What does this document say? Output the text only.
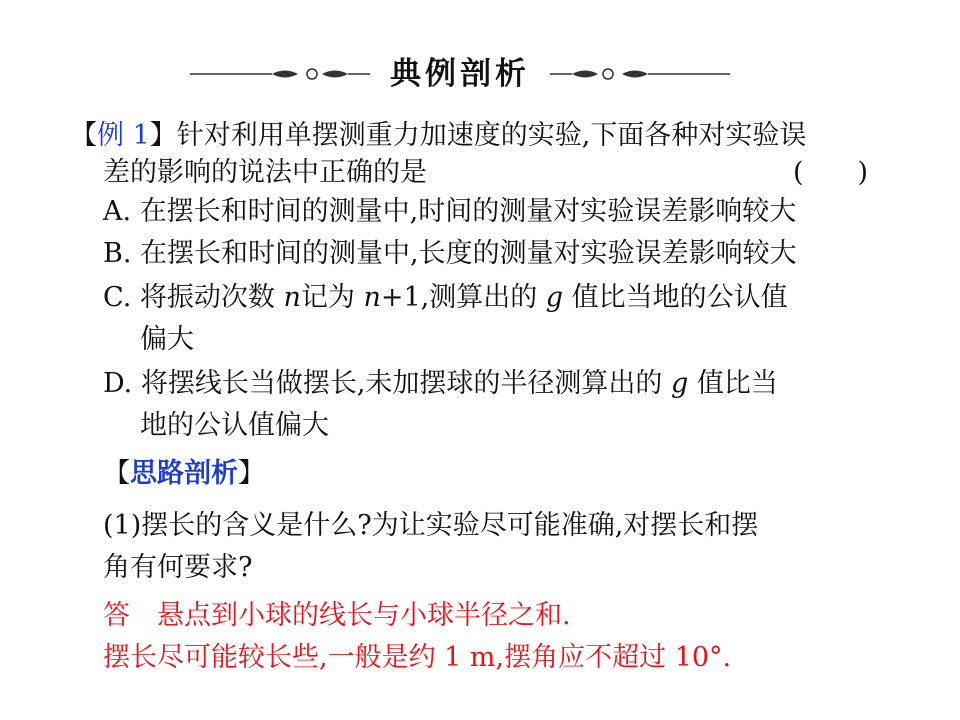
典例剖析
【例 1】针对利用单摆测重力加速度的实验,下面各种对实验误
差的影响的说法中正确的是	(　　)
A. 在摆长和时间的测量中,时间的测量对实验误差影响较大
B. 在摆长和时间的测量中,长度的测量对实验误差影响较大
C. 将振动次数 n记为 n+1,测算出的 g 值比当地的公认值
偏大
D. 将摆线长当做摆长,未加摆球的半径测算出的 g 值比当
地的公认值偏大
【思路剖析】
(1)摆长的含义是什么?为让实验尽可能准确,对摆长和摆
角有何要求?
答  悬点到小球的线长与小球半径之和.
摆长尽可能较长些,一般是约 1 m,摆角应不超过 10°.
